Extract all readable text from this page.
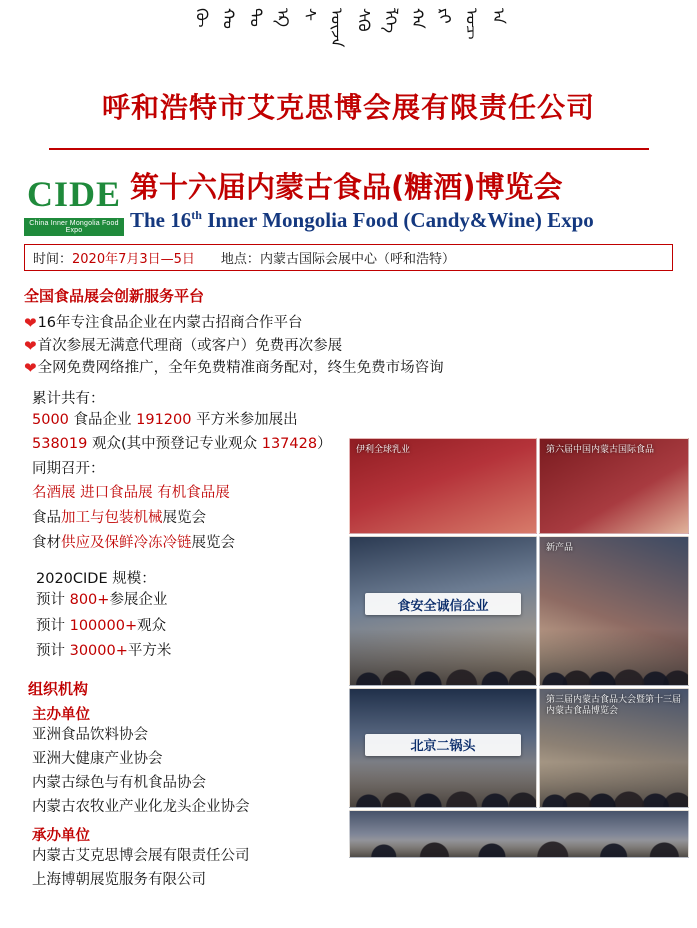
ᠬᠥ ᠬᠣ ᠲᠣ ᠡᠺ ᠰ ᠦᠵᠡ ᠰᠭᠦ ᠯᠭᠡ ᠬᠠ ᠷᠢ ᠤᠴ ᠠ
呼和浩特市艾克思博会展有限责任公司
CIDE
China Inner Mongolia Food Expo
第十六届内蒙古食品(糖酒)博览会
The 16th Inner Mongolia Food (Candy&Wine) Expo
时间：2020年7月3日—5日 地点：内蒙古国际会展中心（呼和浩特）
全国食品展会创新服务平台
❤ 16年专注食品企业在内蒙古招商合作平台
❤ 首次参展无满意代理商（或客户）免费再次参展
❤ 全网免费网络推广，全年免费精准商务配对，终生免费市场咨询
累计共有：
5000 食品企业 191200 平方米参加展出
538019 观众(其中预登记专业观众 137428）
同期召开：
名酒展 进口食品展 有机食品展
食品加工与包装机械展览会
食材供应及保鲜冷冻冷链展览会
2020CIDE 规模：
预计 800+参展企业
预计 100000+观众
预计 30000+平方米
组织机构
主办单位
亚洲食品饮料协会
亚洲大健康产业协会
内蒙古绿色与有机食品协会
内蒙古农牧业产业化龙头企业协会
承办单位
内蒙古艾克思博会展有限责任公司
上海博朝展览服务有限公司
伊利全球乳业	第六届中国内蒙古国际食品
食安全诚信企业
新产品
北京二锅头
第三届内蒙古食品大会暨第十三届内蒙古食品博览会
